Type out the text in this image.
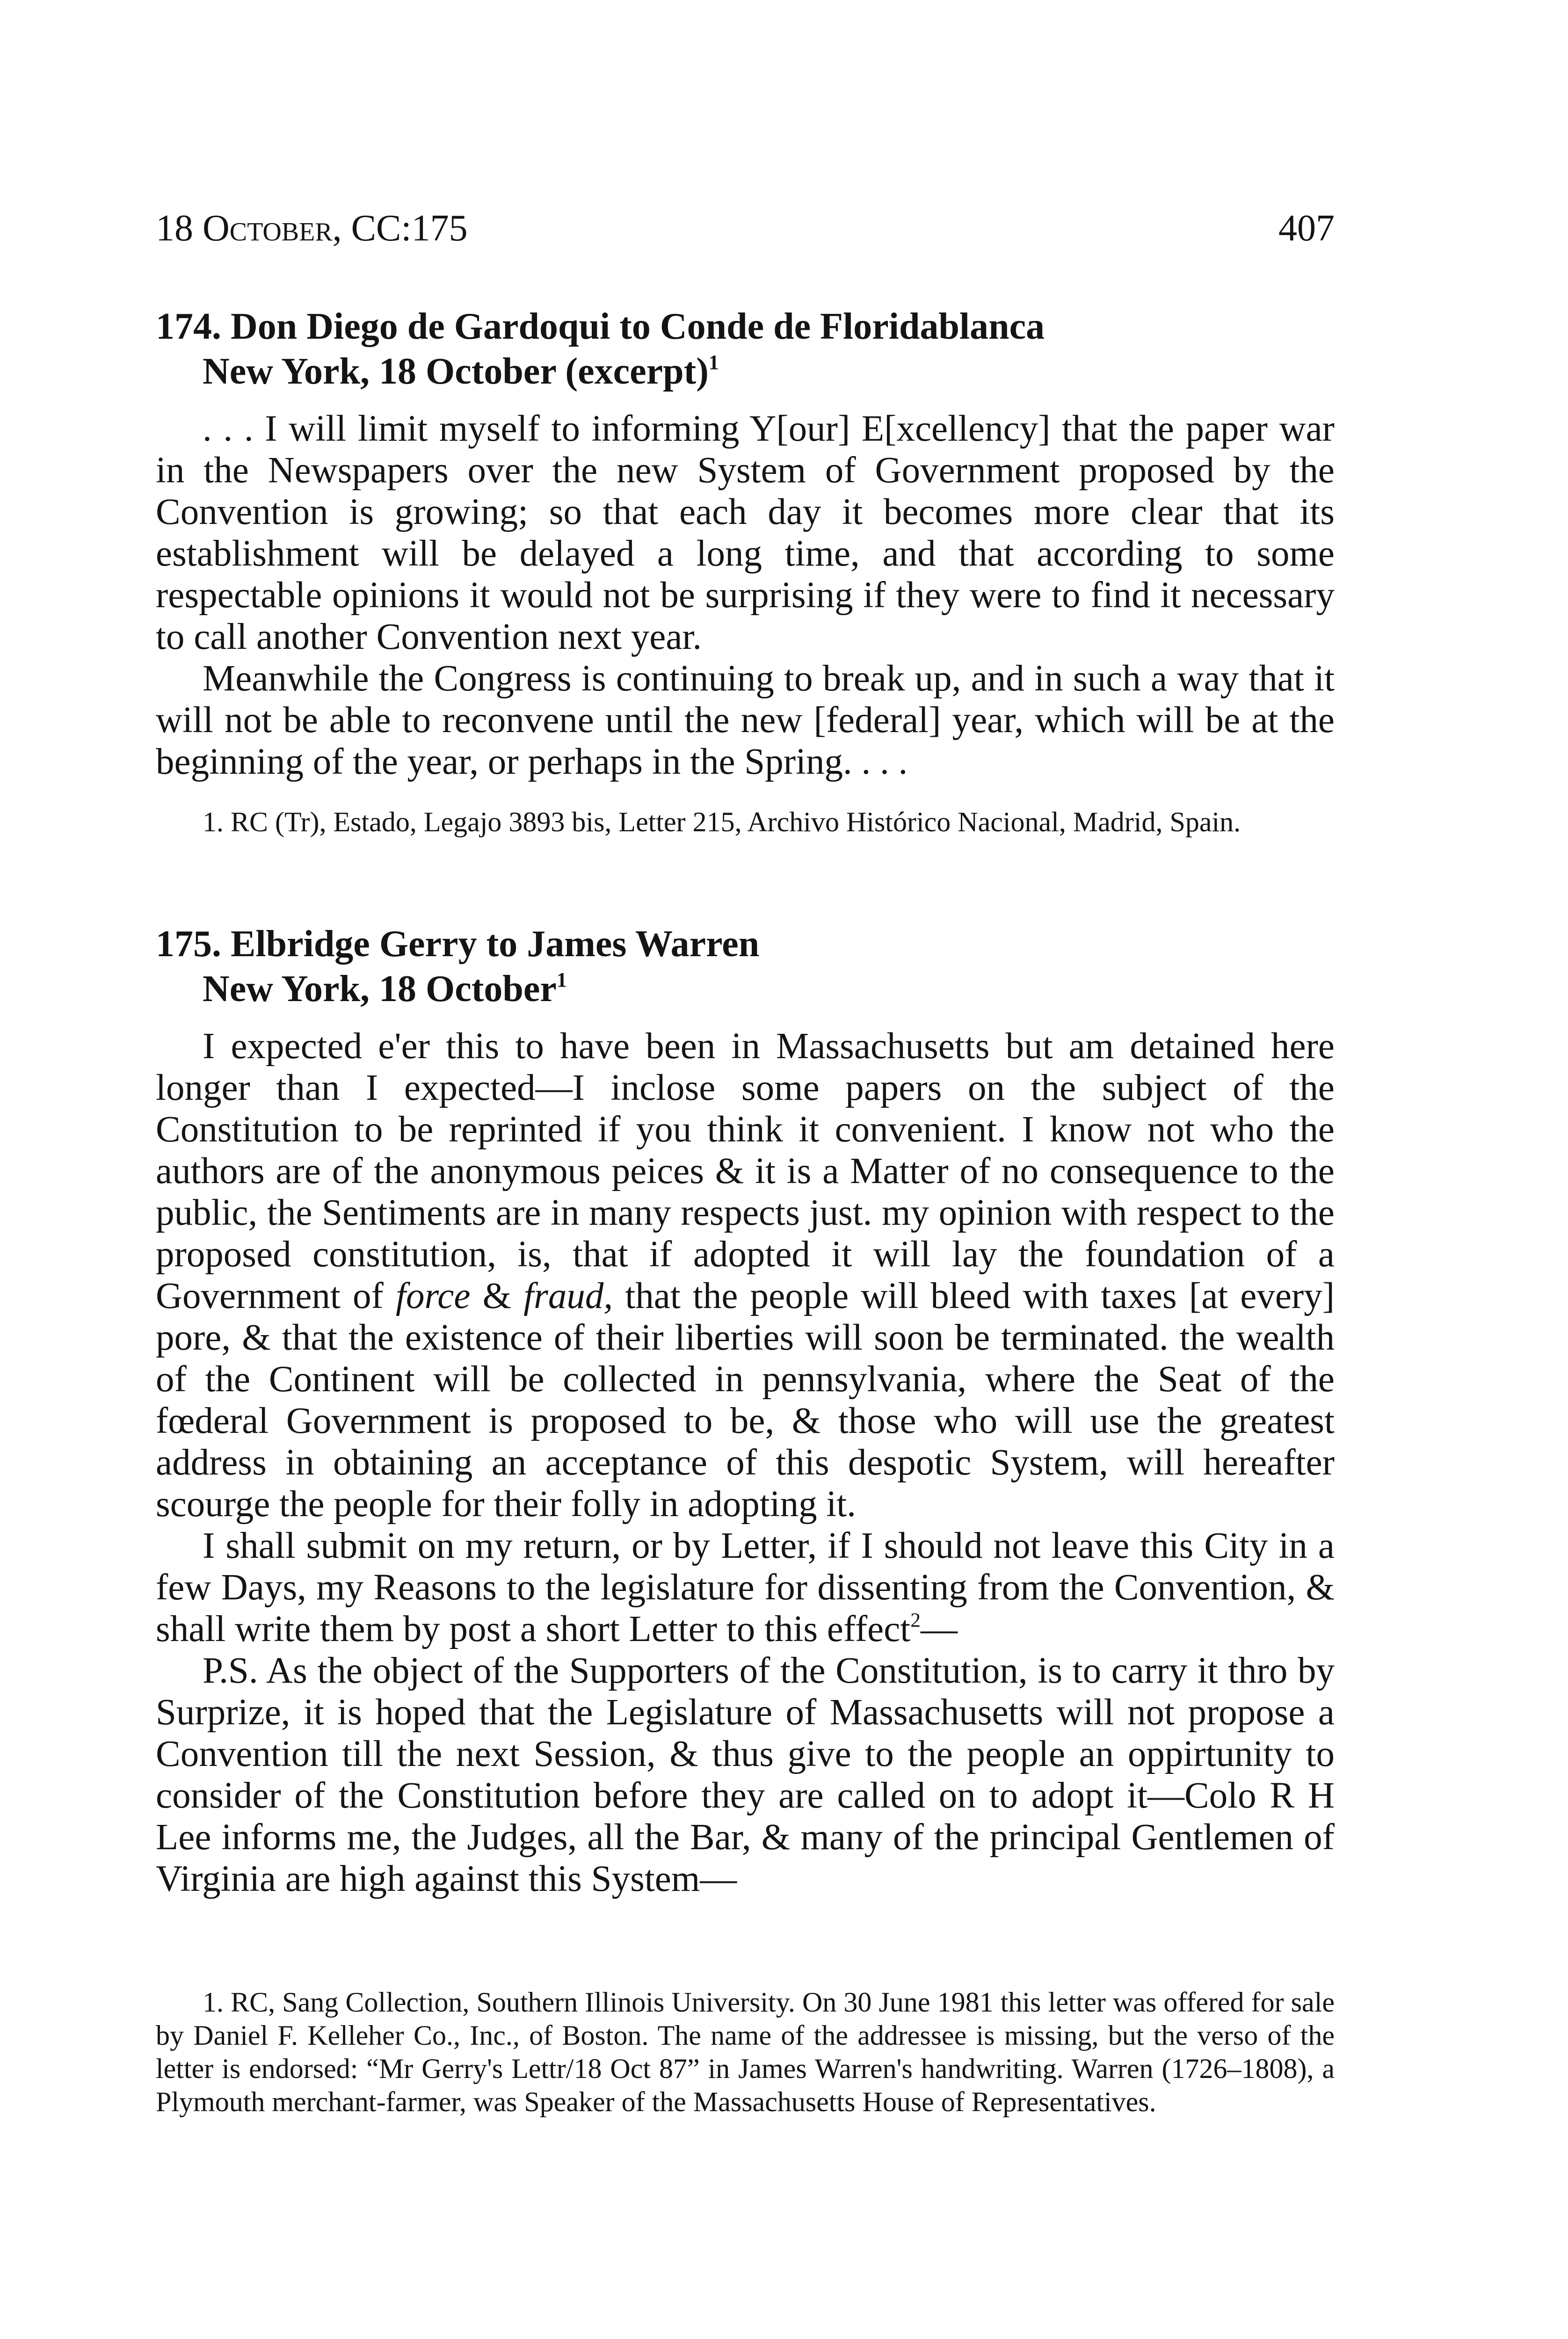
18 October, CC:175	407
174. Don Diego de Gardoqui to Conde de Floridablanca
New York, 18 October (excerpt)$^1$

. . . I will limit myself to informing Y[our] E[xcellency] that the paper war in the Newspapers over the new System of Government proposed by the Convention is growing; so that each day it becomes more clear that its establishment will be delayed a long time, and that according to some respectable opinions it would not be surprising if they were to find it necessary to call another Convention next year.

Meanwhile the Congress is continuing to break up, and in such a way that it will not be able to reconvene until the new [federal] year, which will be at the beginning of the year, or perhaps in the Spring. . . .

1. RC (Tr), Estado, Legajo 3893 bis, Letter 215, Archivo Histórico Nacional, Madrid, Spain.

175. Elbridge Gerry to James Warren
New York, 18 October$^1$

I expected e'er this to have been in Massachusetts but am detained here longer than I expected—I inclose some papers on the subject of the Constitution to be reprinted if you think it convenient. I know not who the authors are of the anonymous peices & it is a Matter of no consequence to the public, the Sentiments are in many respects just. my opinion with respect to the proposed constitution, is, that if adopted it will lay the foundation of a Government of force & fraud, that the people will bleed with taxes [at every] pore, & that the existence of their liberties will soon be terminated. the wealth of the Continent will be collected in pennsylvania, where the Seat of the fœderal Government is proposed to be, & those who will use the greatest address in obtaining an acceptance of this despotic System, will hereafter scourge the people for their folly in adopting it.

I shall submit on my return, or by Letter, if I should not leave this City in a few Days, my Reasons to the legislature for dissenting from the Convention, & shall write them by post a short Letter to this effect$^2$—

P.S. As the object of the Supporters of the Constitution, is to carry it thro by Surprize, it is hoped that the Legislature of Massachusetts will not propose a Convention till the next Session, & thus give to the people an oppirtunity to consider of the Constitution before they are called on to adopt it—Colo R H Lee informs me, the Judges, all the Bar, & many of the principal Gentlemen of Virginia are high against this System—

1. RC, Sang Collection, Southern Illinois University. On 30 June 1981 this letter was offered for sale by Daniel F. Kelleher Co., Inc., of Boston. The name of the addressee is missing, but the verso of the letter is endorsed: “Mr Gerry's Lettr/18 Oct 87” in James Warren's handwriting. Warren (1726–1808), a Plymouth merchant-farmer, was Speaker of the Massachusetts House of Representatives.
